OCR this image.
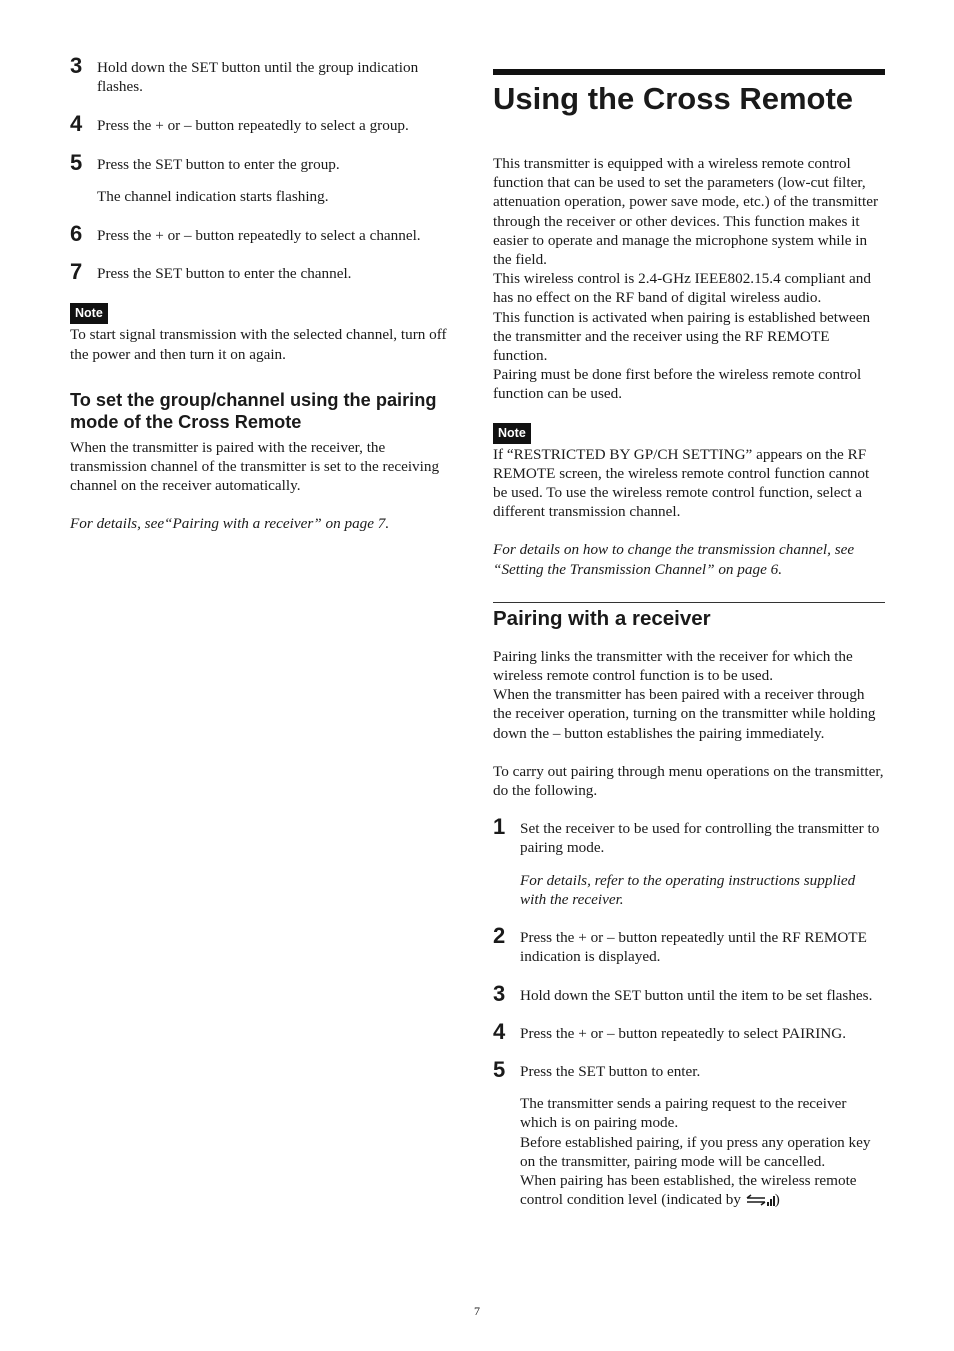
3 Hold down the SET button until the group indication flashes.

4 Press the + or – button repeatedly to select a group.

5 Press the SET button to enter the group.

The channel indication starts flashing.

6 Press the + or – button repeatedly to select a channel.

7 Press the SET button to enter the channel.

Note

To start signal transmission with the selected channel, turn off the power and then turn it on again.

To set the group/channel using the pairing mode of the Cross Remote

When the transmitter is paired with the receiver, the transmission channel of the transmitter is set to the receiving channel on the receiver automatically.

For details, see“Pairing with a receiver” on page 7.

Using the Cross Remote

This transmitter is equipped with a wireless remote control function that can be used to set the parameters (low-cut filter, attenuation operation, power save mode, etc.) of the transmitter through the receiver or other devices. This function makes it easier to operate and manage the microphone system while in the field.

This wireless control is 2.4-GHz IEEE802.15.4 compliant and has no effect on the RF band of digital wireless audio.

This function is activated when pairing is established between the transmitter and the receiver using the RF REMOTE function.

Pairing must be done first before the wireless remote control function can be used.

Note

If “RESTRICTED BY GP/CH SETTING” appears on the RF REMOTE screen, the wireless remote control function cannot be used. To use the wireless remote control function, select a different transmission channel.

For details on how to change the transmission channel, see “Setting the Transmission Channel” on page 6.

Pairing with a receiver

Pairing links the transmitter with the receiver for which the wireless remote control function is to be used.

When the transmitter has been paired with a receiver through the receiver operation, turning on the transmitter while holding down the – button establishes the pairing immediately.

To carry out pairing through menu operations on the transmitter, do the following.

1 Set the receiver to be used for controlling the transmitter to pairing mode.

For details, refer to the operating instructions supplied with the receiver.

2 Press the + or – button repeatedly until the RF REMOTE indication is displayed.

3 Hold down the SET button until the item to be set flashes.

4 Press the + or – button repeatedly to select PAIRING.

5 Press the SET button to enter.

The transmitter sends a pairing request to the receiver which is on pairing mode.

Before established pairing, if you press any operation key on the transmitter, pairing mode will be cancelled.

When pairing has been established, the wireless remote control condition level (indicated by )

7
